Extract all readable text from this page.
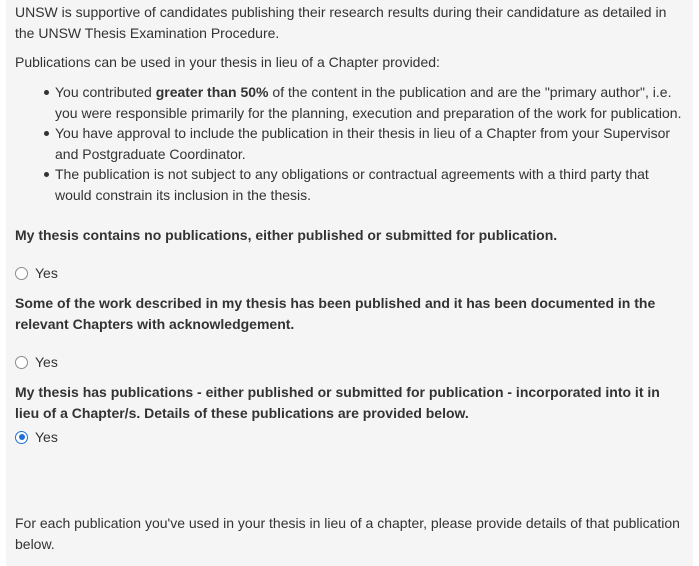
UNSW is supportive of candidates publishing their research results during their candidature as detailed in
the UNSW Thesis Examination Procedure.

Publications can be used in your thesis in lieu of a Chapter provided:

You contributed greater than 50% of the content in the publication and are the "primary author", i.e.
you were responsible primarily for the planning, execution and preparation of the work for publication.
You have approval to include the publication in their thesis in lieu of a Chapter from your Supervisor
and Postgraduate Coordinator.
The publication is not subject to any obligations or contractual agreements with a third party that
would constrain its inclusion in the thesis.
My thesis contains no publications, either published or submitted for publication.
Yes
Some of the work described in my thesis has been published and it has been documented in the
relevant Chapters with acknowledgement.
Yes
My thesis has publications - either published or submitted for publication - incorporated into it in
lieu of a Chapter/s. Details of these publications are provided below.
Yes

For each publication you've used in your thesis in lieu of a chapter, please provide details of that publication
below.
